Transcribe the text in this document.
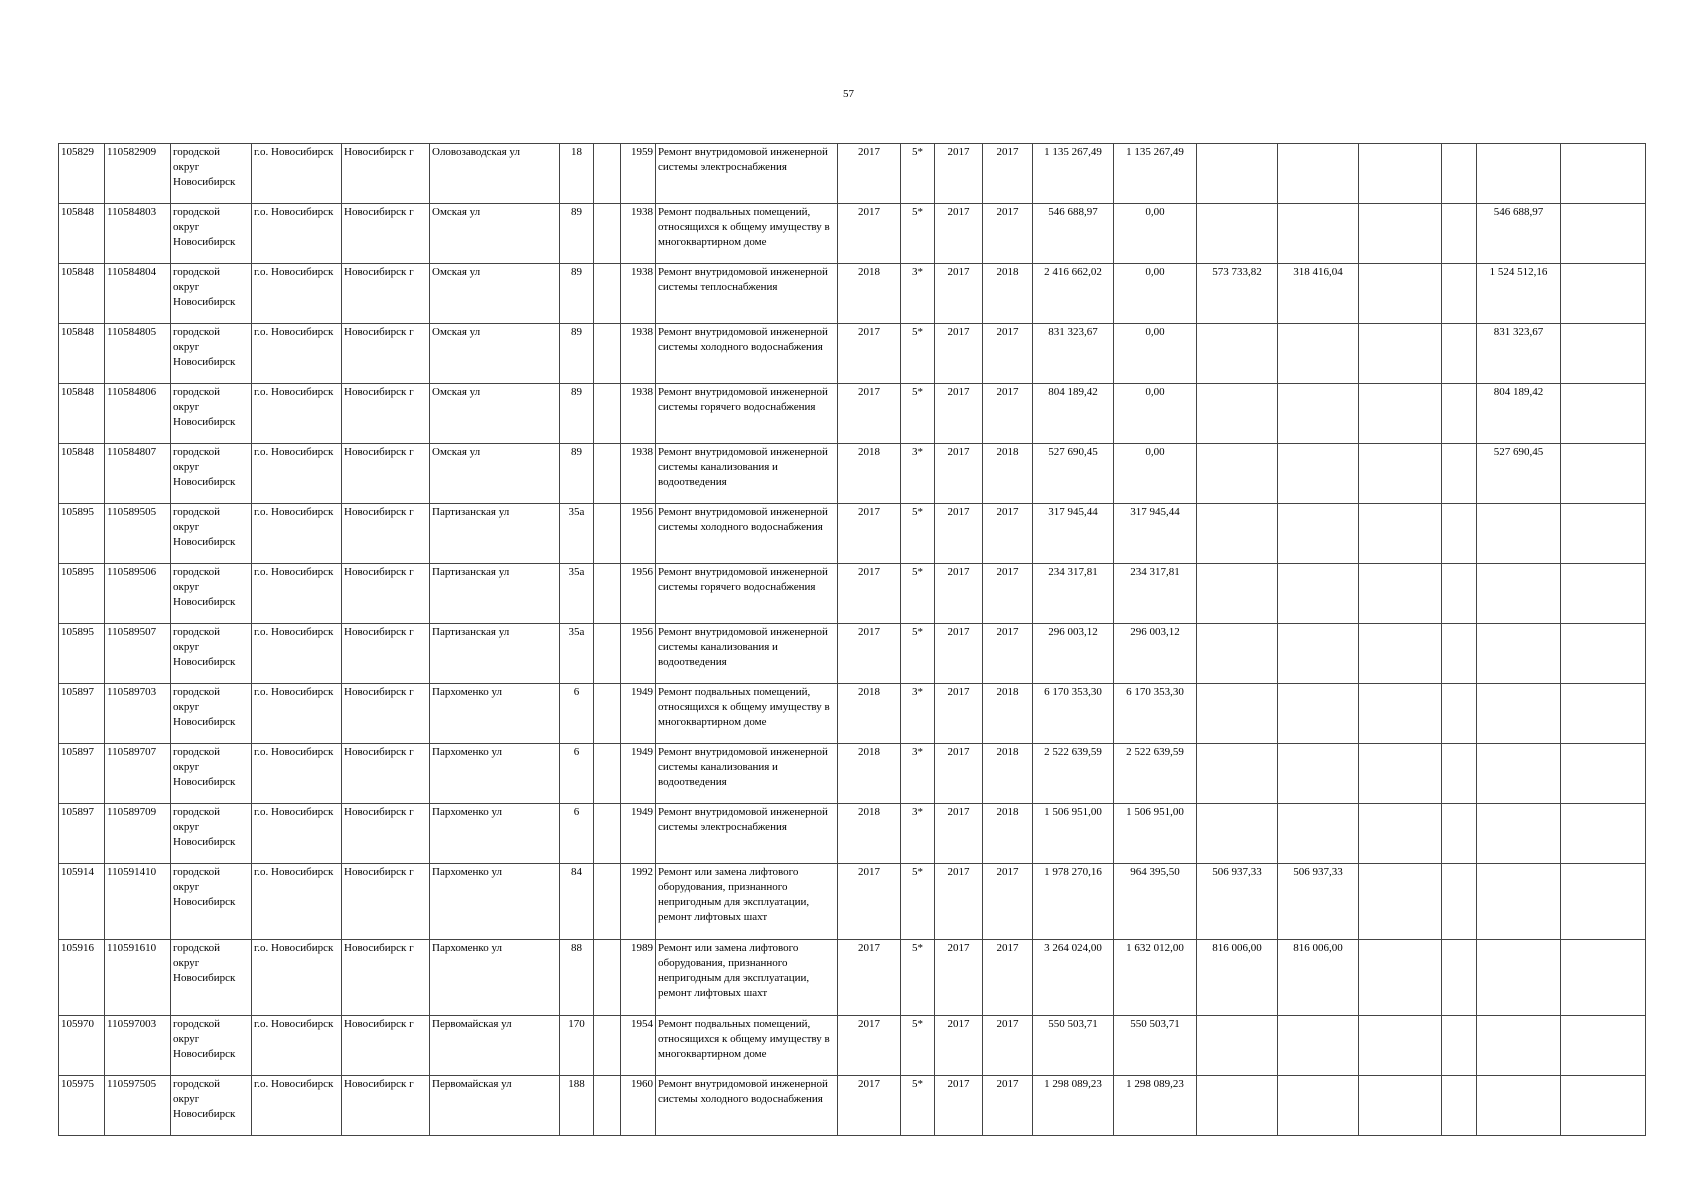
57
105829	110582909	городской округ Новосибирск	г.о. Новосибирск	Новосибирск г	Оловозаводская ул	18		1959	Ремонт внутридомовой инженерной системы электроснабжения	2017	5*	2017	2017	1 135 267,49	1 135 267,49						
105848	110584803	городской округ Новосибирск	г.о. Новосибирск	Новосибирск г	Омская ул	89		1938	Ремонт подвальных помещений, относящихся к общему имуществу в многоквартирном доме	2017	5*	2017	2017	546 688,97	0,00					546 688,97	
105848	110584804	городской округ Новосибирск	г.о. Новосибирск	Новосибирск г	Омская ул	89		1938	Ремонт внутридомовой инженерной системы теплоснабжения	2018	3*	2017	2018	2 416 662,02	0,00	573 733,82	318 416,04			1 524 512,16	
105848	110584805	городской округ Новосибирск	г.о. Новосибирск	Новосибирск г	Омская ул	89		1938	Ремонт внутридомовой инженерной системы холодного водоснабжения	2017	5*	2017	2017	831 323,67	0,00					831 323,67	
105848	110584806	городской округ Новосибирск	г.о. Новосибирск	Новосибирск г	Омская ул	89		1938	Ремонт внутридомовой инженерной системы горячего водоснабжения	2017	5*	2017	2017	804 189,42	0,00					804 189,42	
105848	110584807	городской округ Новосибирск	г.о. Новосибирск	Новосибирск г	Омская ул	89		1938	Ремонт внутридомовой инженерной системы канализования и водоотведения	2018	3*	2017	2018	527 690,45	0,00					527 690,45	
105895	110589505	городской округ Новосибирск	г.о. Новосибирск	Новосибирск г	Партизанская ул	35а		1956	Ремонт внутридомовой инженерной системы холодного водоснабжения	2017	5*	2017	2017	317 945,44	317 945,44						
105895	110589506	городской округ Новосибирск	г.о. Новосибирск	Новосибирск г	Партизанская ул	35а		1956	Ремонт внутридомовой инженерной системы горячего водоснабжения	2017	5*	2017	2017	234 317,81	234 317,81						
105895	110589507	городской округ Новосибирск	г.о. Новосибирск	Новосибирск г	Партизанская ул	35а		1956	Ремонт внутридомовой инженерной системы канализования и водоотведения	2017	5*	2017	2017	296 003,12	296 003,12						
105897	110589703	городской округ Новосибирск	г.о. Новосибирск	Новосибирск г	Пархоменко ул	6		1949	Ремонт подвальных помещений, относящихся к общему имуществу в многоквартирном доме	2018	3*	2017	2018	6 170 353,30	6 170 353,30						
105897	110589707	городской округ Новосибирск	г.о. Новосибирск	Новосибирск г	Пархоменко ул	6		1949	Ремонт внутридомовой инженерной системы канализования и водоотведения	2018	3*	2017	2018	2 522 639,59	2 522 639,59						
105897	110589709	городской округ Новосибирск	г.о. Новосибирск	Новосибирск г	Пархоменко ул	6		1949	Ремонт внутридомовой инженерной системы электроснабжения	2018	3*	2017	2018	1 506 951,00	1 506 951,00						
105914	110591410	городской округ Новосибирск	г.о. Новосибирск	Новосибирск г	Пархоменко ул	84		1992	Ремонт или замена лифтового оборудования, признанного непригодным для эксплуатации, ремонт лифтовых шахт	2017	5*	2017	2017	1 978 270,16	964 395,50	506 937,33	506 937,33				
105916	110591610	городской округ Новосибирск	г.о. Новосибирск	Новосибирск г	Пархоменко ул	88		1989	Ремонт или замена лифтового оборудования, признанного непригодным для эксплуатации, ремонт лифтовых шахт	2017	5*	2017	2017	3 264 024,00	1 632 012,00	816 006,00	816 006,00				
105970	110597003	городской округ Новосибирск	г.о. Новосибирск	Новосибирск г	Первомайская ул	170		1954	Ремонт подвальных помещений, относящихся к общему имуществу в многоквартирном доме	2017	5*	2017	2017	550 503,71	550 503,71						
105975	110597505	городской округ Новосибирск	г.о. Новосибирск	Новосибирск г	Первомайская ул	188		1960	Ремонт внутридомовой инженерной системы холодного водоснабжения	2017	5*	2017	2017	1 298 089,23	1 298 089,23						
